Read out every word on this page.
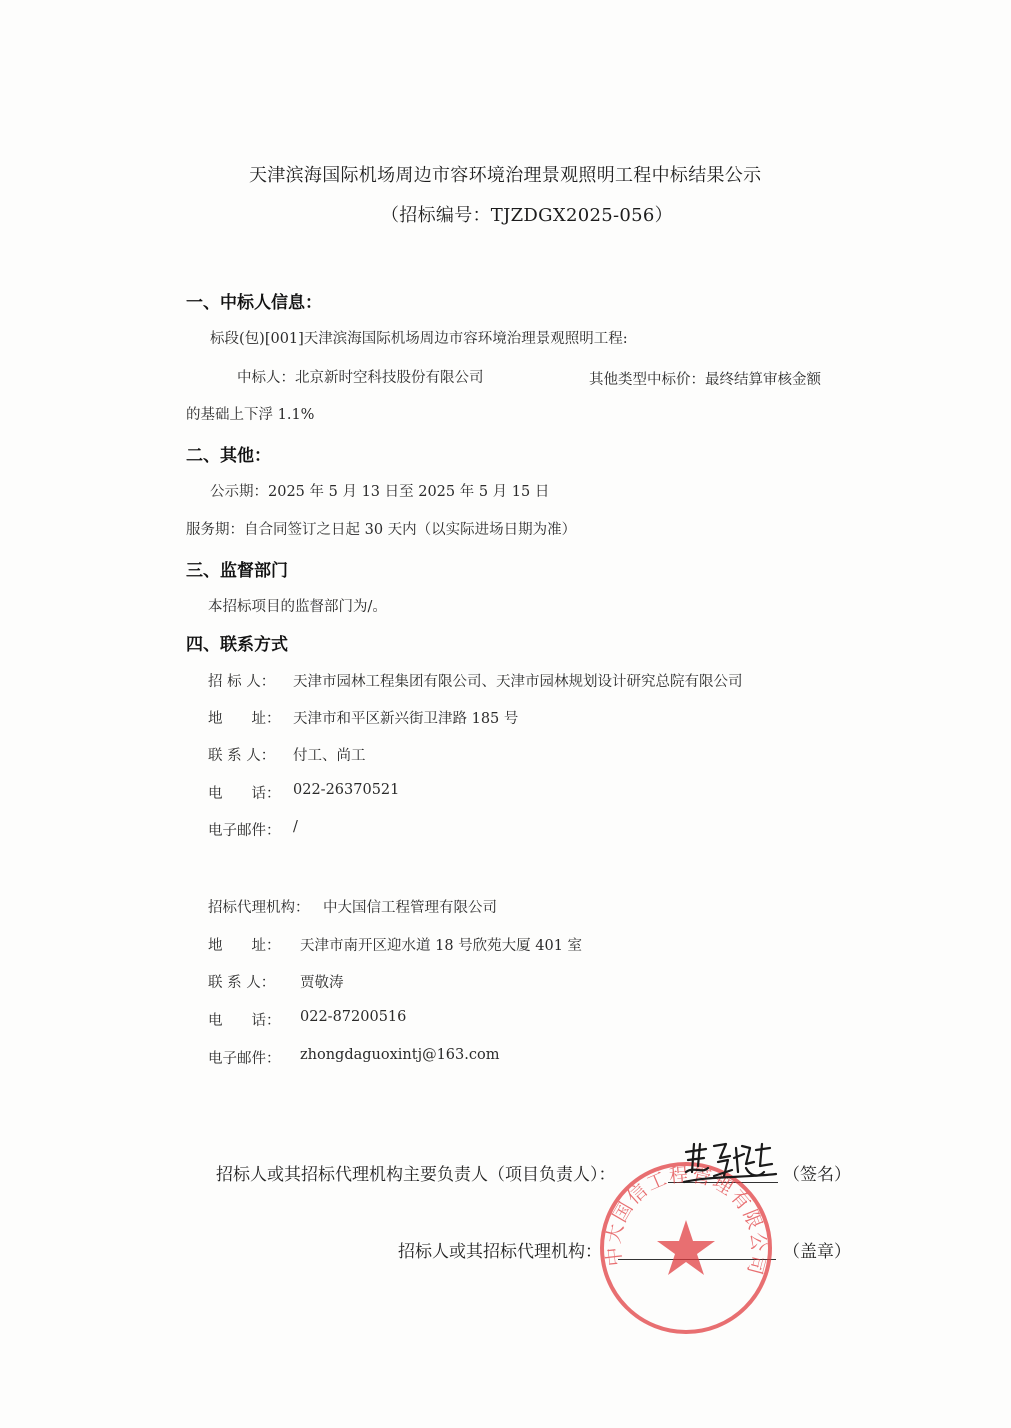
天津滨海国际机场周边市容环境治理景观照明工程中标结果公示
（招标编号：TJZDGX2025-056）
一、中标人信息：
标段(包)[001]天津滨海国际机场周边市容环境治理景观照明工程:
中标人：北京新时空科技股份有限公司	其他类型中标价：最终结算审核金额
的基础上下浮 1.1%
二、其他：
公示期：2025 年 5 月 13 日至 2025 年 5 月 15 日
服务期：自合同签订之日起 30 天内（以实际进场日期为准）
三、监督部门
本招标项目的监督部门为/。
四、联系方式
招 标 人： 天津市园林工程集团有限公司、天津市园林规划设计研究总院有限公司
地　　址： 天津市和平区新兴街卫津路 185 号
联 系 人： 付工、尚工
电　　话： 022-26370521
电子邮件： /
招标代理机构： 中大国信工程管理有限公司
地　　址： 天津市南开区迎水道 18 号欣苑大厦 401 室
联 系 人： 贾敬涛
电　　话： 022-87200516
电子邮件： zhongdaguoxintj@163.com
招标人或其招标代理机构主要负责人（项目负责人）：	（签名）
招标人或其招标代理机构：	（盖章）
中大国信工程管理有限公司
